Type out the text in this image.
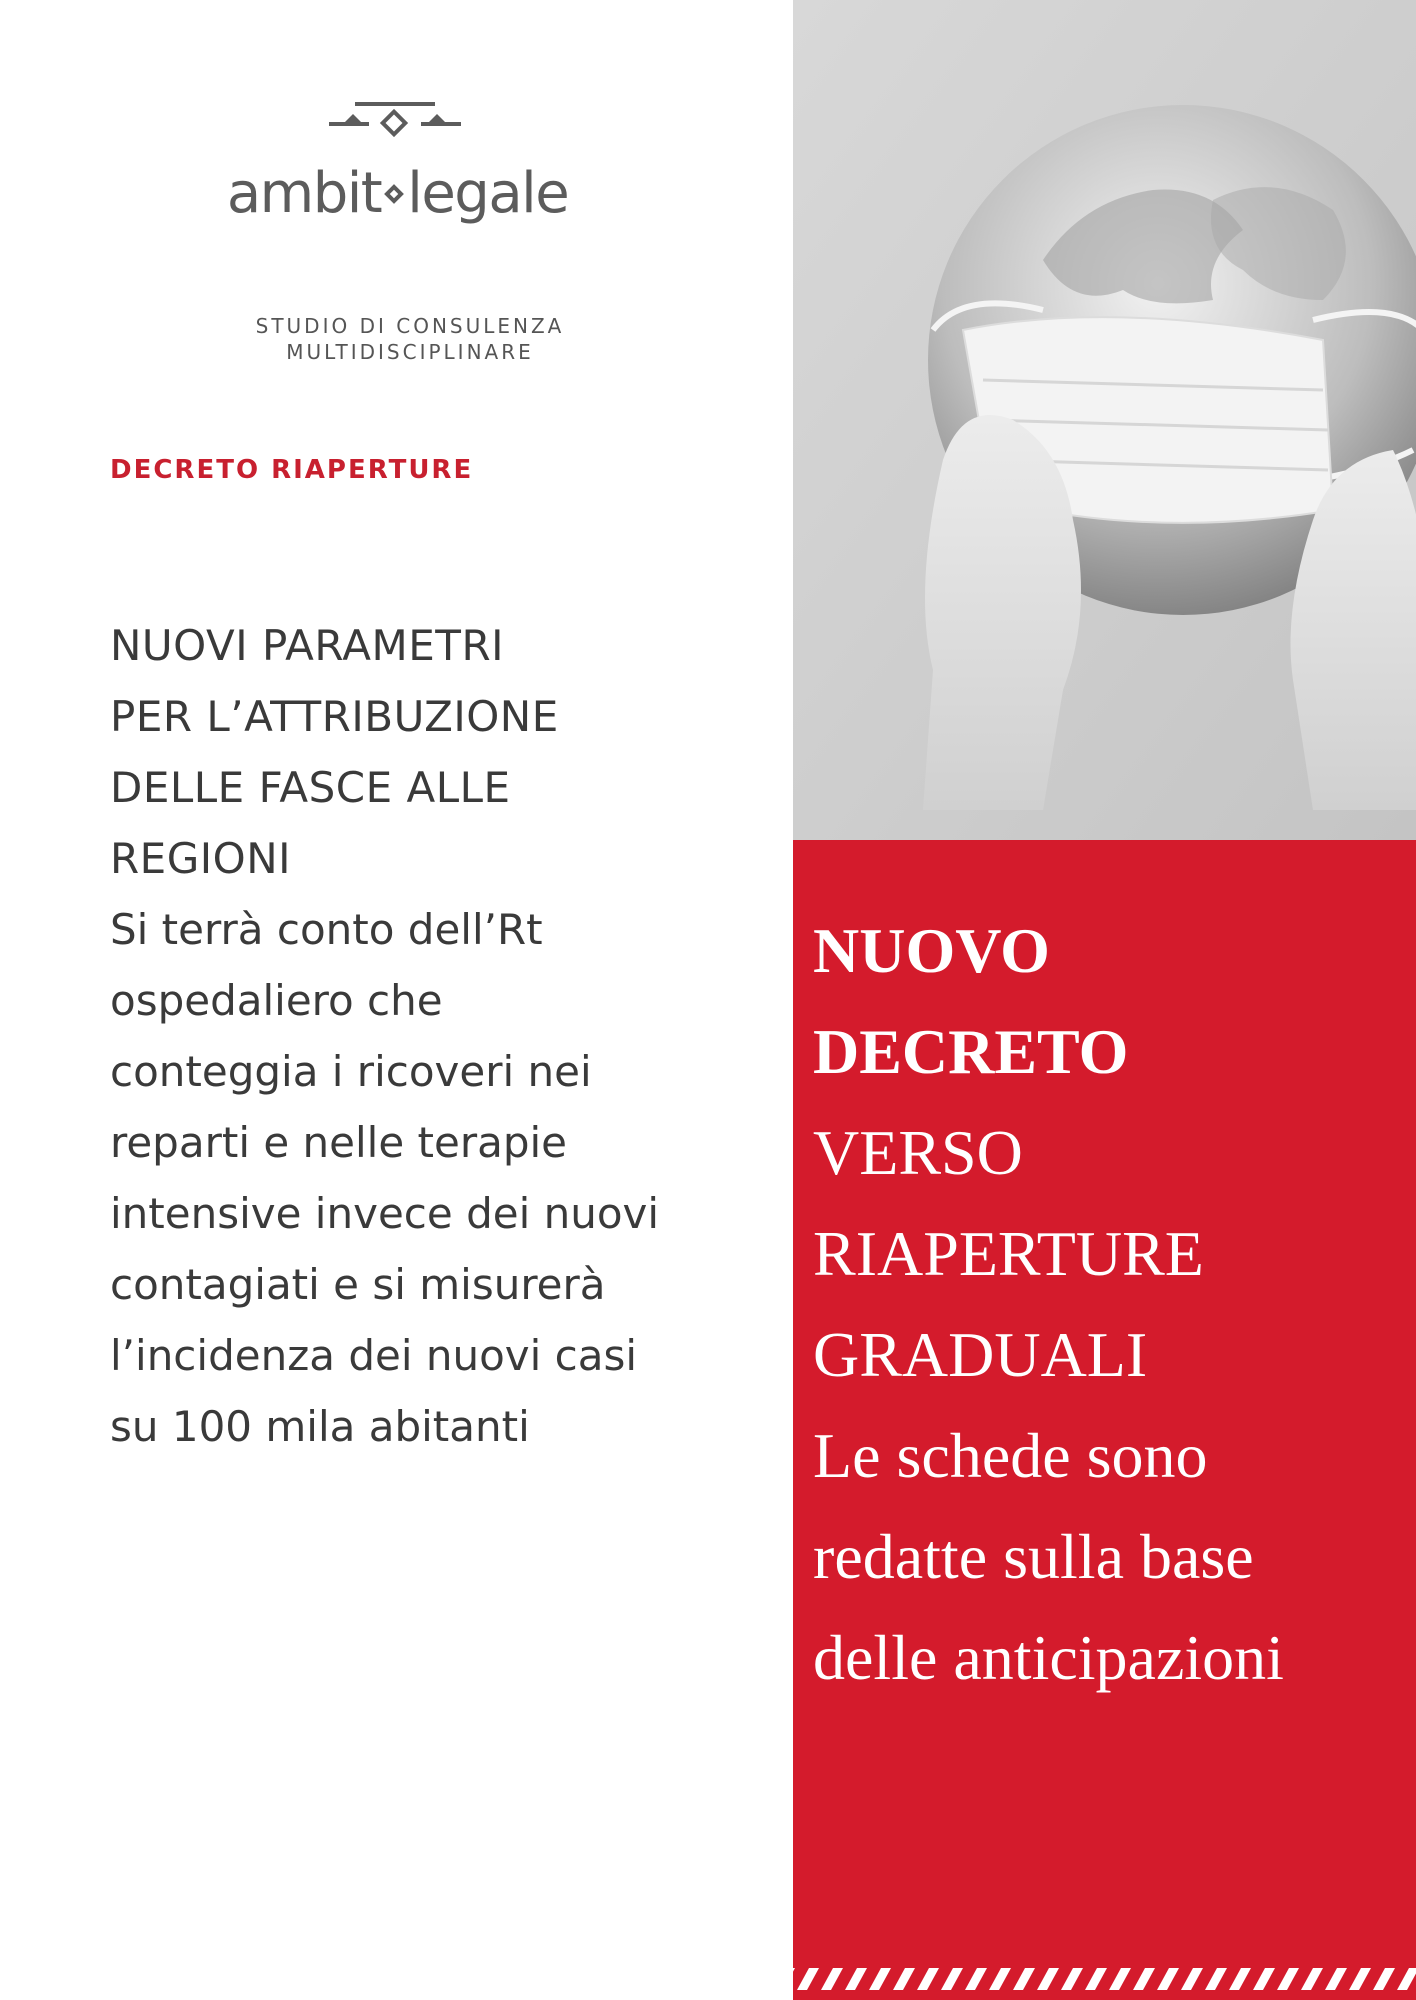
ambit legale
STUDIO DI CONSULENZA
MULTIDISCIPLINARE
DECRETO RIAPERTURE
NUOVI PARAMETRI
PER L’ATTRIBUZIONE
DELLE FASCE ALLE
REGIONI
Si terrà conto dell’Rt
ospedaliero che
conteggia i ricoveri nei
reparti e nelle terapie
intensive invece dei nuovi
contagiati e si misurerà
l’incidenza dei nuovi casi
su 100 mila abitanti
NUOVO
DECRETO
VERSO
RIAPERTURE
GRADUALI
Le schede sono
redatte sulla base
delle anticipazioni
